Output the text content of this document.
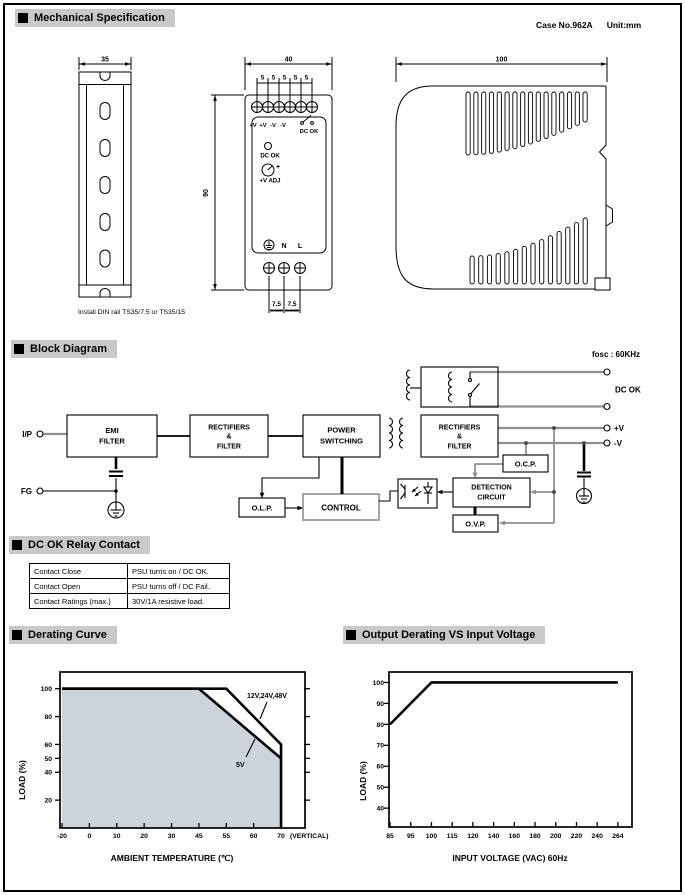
Mechanical Specification
Case No.962A Unit:mm
Block Diagram
DC OK Relay Contact
Derating Curve	Output Derating VS Input Voltage
35
Install DIN rail TS35/7.5 or TS35/15
40
5 5 5 5 5
90
+V +V -V -V
DC OK
DC OK
+
+V ADJ
N L
7.5 7.5
100
I/P
FG
EMI
FILTER
RECTIFIERS
&
FILTER
POWER
SWITCHING
RECTIFIERS
&
FILTER
O.L.P.	CONTROL
O.C.P.
DETECTION
CIRCUIT
O.V.P.
fosc : 60KHz
DC OK
+V
-V
Contact Close	PSU turns on / DC OK.
Contact Open	PSU turns off / DC Fail.
Contact Ratings (max.)	30V/1A resistive load.
20
40
50
60
80
100
-20	0	10	20	30	45	55	60	70 (VERTICAL)
12V,24V,48V
5V
AMBIENT TEMPERATURE (℃)
LOAD (%)
40
50
60
70
80
90
100
85 95 100 115 120 140 160 180 200 220 240 264
INPUT VOLTAGE (VAC) 60Hz
LOAD (%)
